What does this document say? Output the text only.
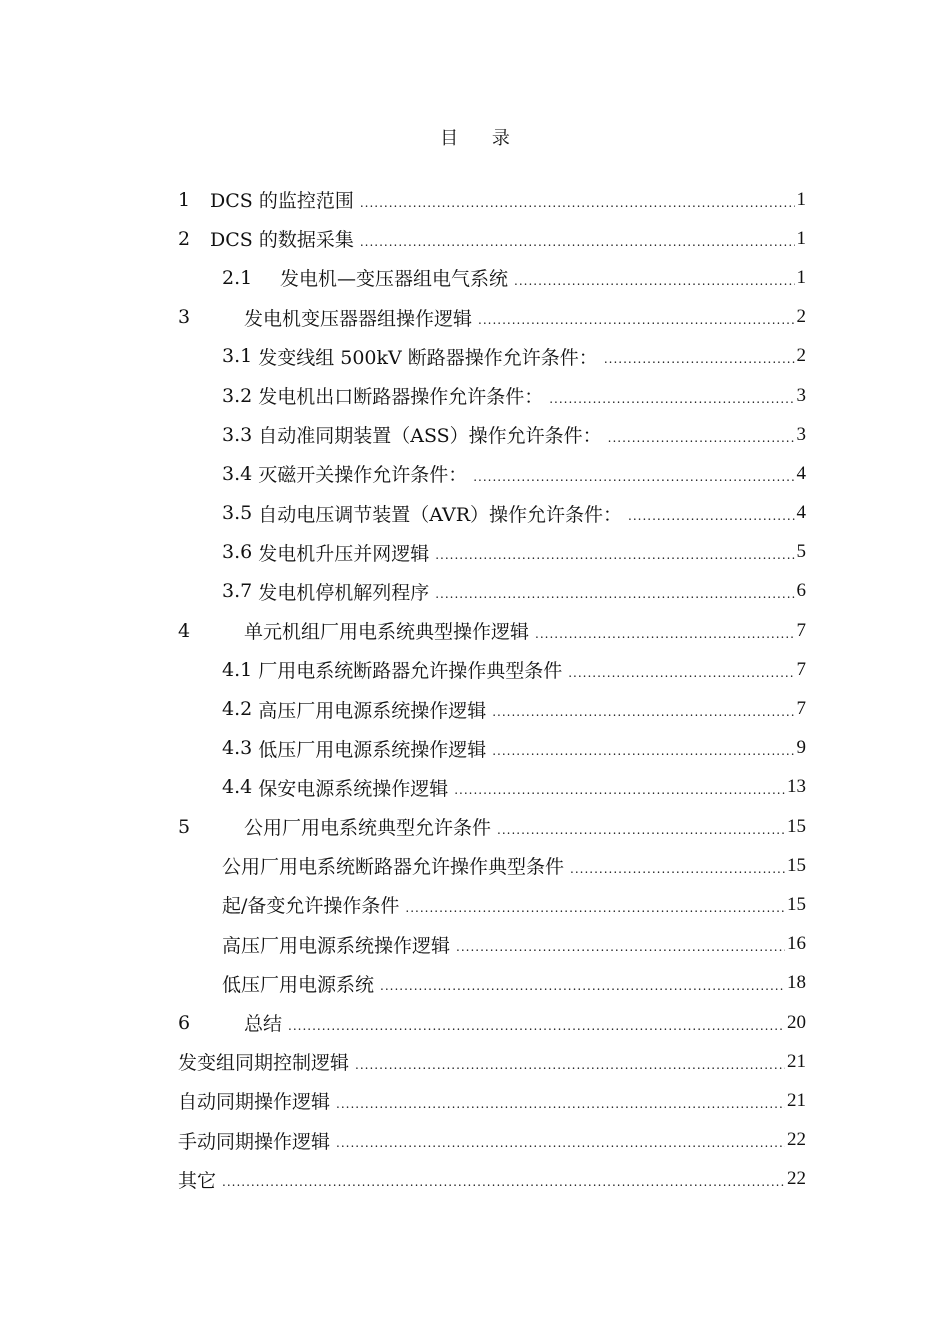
目 录
1	DCS 的监控范围 .....	1
2	DCS 的数据采集 .....	1
2.1	发电机—变压器组电气系统 .....	1
3	发电机变压器器组操作逻辑 .....	2
3.1 发变线组 500kV 断路器操作允许条件： .....	2
3.2 发电机出口断路器操作允许条件： .....	3
3.3 自动准同期装置（ASS）操作允许条件： .....	3
3.4 灭磁开关操作允许条件： .....	4
3.5 自动电压调节装置（AVR）操作允许条件： .....	4
3.6 发电机升压并网逻辑 .....	5
3.7 发电机停机解列程序 .....	6
4	单元机组厂用电系统典型操作逻辑 .....	7
4.1 厂用电系统断路器允许操作典型条件 .....	7
4.2 高压厂用电源系统操作逻辑 .....	7
4.3 低压厂用电源系统操作逻辑 .....	9
4.4 保安电源系统操作逻辑 .....	13
5	公用厂用电系统典型允许条件 .....	15
公用厂用电系统断路器允许操作典型条件 .....	15
起/备变允许操作条件 .....	15
高压厂用电源系统操作逻辑 .....	16
低压厂用电源系统 .....	18
6	总结 .....	20
发变组同期控制逻辑 .....	21
自动同期操作逻辑 .....	21
手动同期操作逻辑 .....	22
其它 .....	22
